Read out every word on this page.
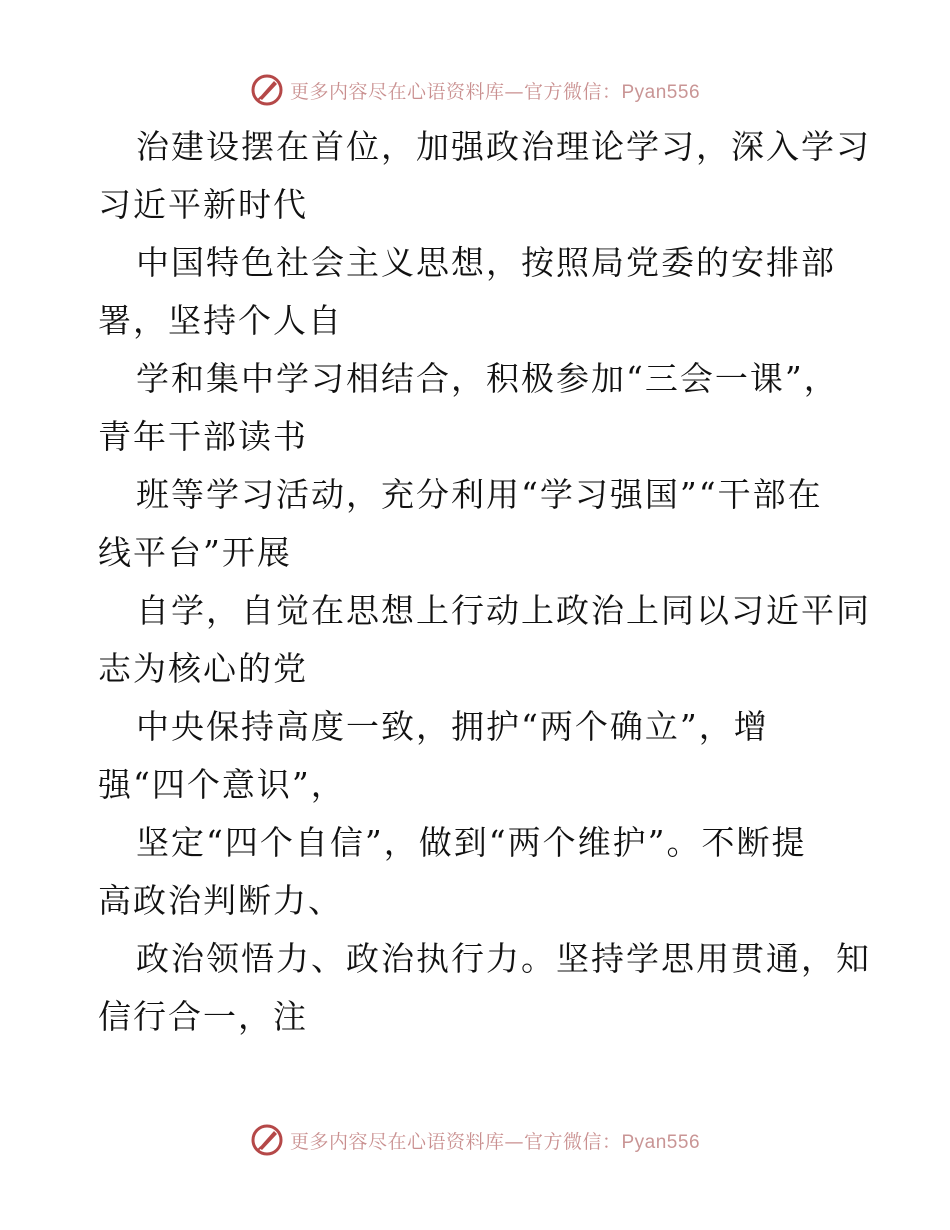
更多内容尽在心语资料库—官方微信：Pyan556
治建设摆在首位，加强政治理论学习，深入学习
习近平新时代
中国特色社会主义思想，按照局党委的安排部
署，坚持个人自
学和集中学习相结合，积极参加“三会一课”，
青年干部读书
班等学习活动，充分利用“学习强国”“干部在
线平台”开展
自学，自觉在思想上行动上政治上同以习近平同
志为核心的党
中央保持高度一致，拥护“两个确立”，增
强“四个意识”，
坚定“四个自信”，做到“两个维护”。不断提
高政治判断力、
政治领悟力、政治执行力。坚持学思用贯通，知
信行合一，注
更多内容尽在心语资料库—官方微信：Pyan556
